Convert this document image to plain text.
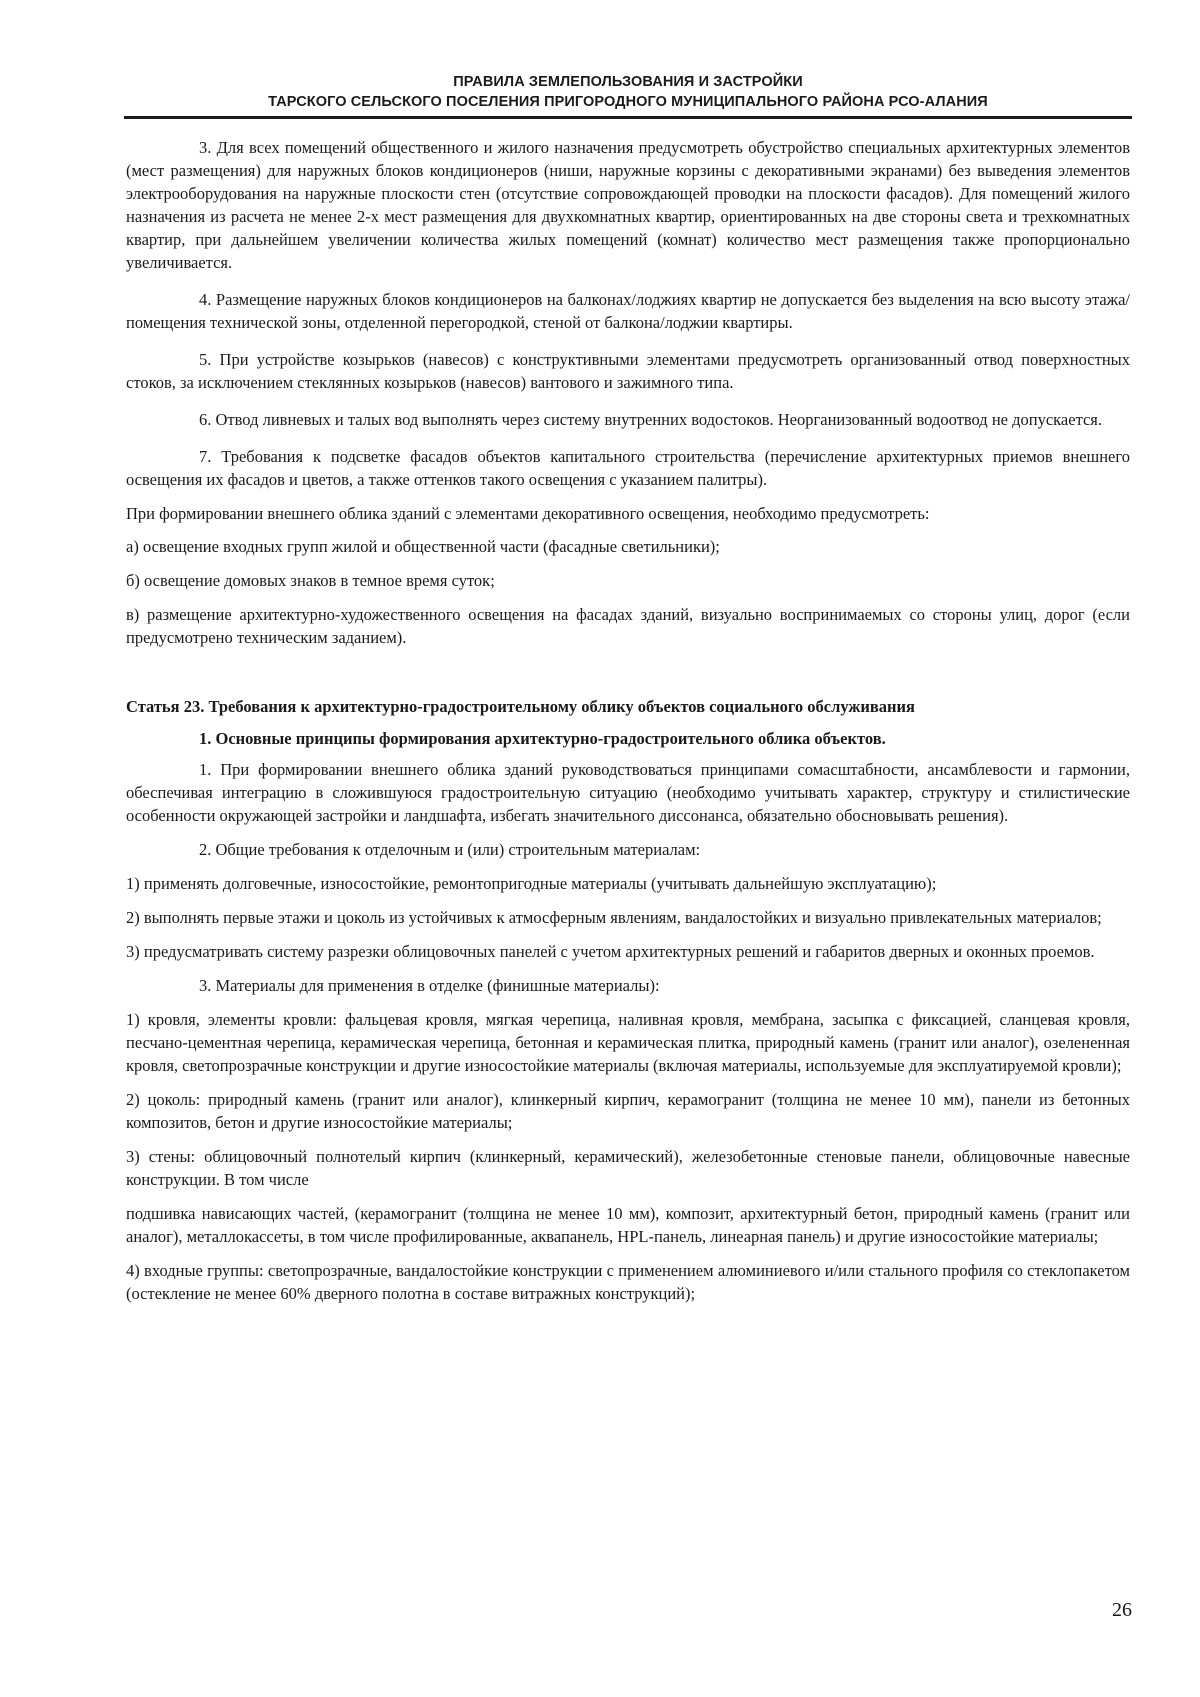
ПРАВИЛА ЗЕМЛЕПОЛЬЗОВАНИЯ И ЗАСТРОЙКИ
ТАРСКОГО СЕЛЬСКОГО ПОСЕЛЕНИЯ ПРИГОРОДНОГО МУНИЦИПАЛЬНОГО РАЙОНА РСО-АЛАНИЯ

3. Для всех помещений общественного и жилого назначения предусмотреть обустройство специальных архитектурных элементов (мест размещения) для наружных блоков кондиционеров (ниши, наружные корзины с декоративными экранами) без выведения элементов электрооборудования на наружные плоскости стен (отсутствие сопровождающей проводки на плоскости фасадов). Для помещений жилого назначения из расчета не менее 2-х мест размещения для двухкомнатных квартир, ориентированных на две стороны света и трехкомнатных квартир, при дальнейшем увеличении количества жилых помещений (комнат) количество мест размещения также пропорционально увеличивается.

4. Размещение наружных блоков кондиционеров на балконах/лоджиях квартир не допускается без выделения на всю высоту этажа/помещения технической зоны, отделенной перегородкой, стеной от балкона/лоджии квартиры.

5. При устройстве козырьков (навесов) с конструктивными элементами предусмотреть организованный отвод поверхностных стоков, за исключением стеклянных козырьков (навесов) вантового и зажимного типа.

6. Отвод ливневых и талых вод выполнять через систему внутренних водостоков. Неорганизованный водоотвод не допускается.

7. Требования к подсветке фасадов объектов капитального строительства (перечисление архитектурных приемов внешнего освещения их фасадов и цветов, а также оттенков такого освещения с указанием палитры).

При формировании внешнего облика зданий с элементами декоративного освещения, необходимо предусмотреть:

а) освещение входных групп жилой и общественной части (фасадные светильники);

б) освещение домовых знаков в темное время суток;

в) размещение архитектурно-художественного освещения на фасадах зданий, визуально воспринимаемых со стороны улиц, дорог (если предусмотрено техническим заданием).

Статья 23. Требования к архитектурно-градостроительному облику объектов социального обслуживания

1. Основные принципы формирования архитектурно-градостроительного облика объектов.

1. При формировании внешнего облика зданий руководствоваться принципами сомасштабности, ансамблевости и гармонии, обеспечивая интеграцию в сложившуюся градостроительную ситуацию (необходимо учитывать характер, структуру и стилистические особенности окружающей застройки и ландшафта, избегать значительного диссонанса, обязательно обосновывать решения).

2. Общие требования к отделочным и (или) строительным материалам:

1) применять долговечные, износостойкие, ремонтопригодные материалы (учитывать дальнейшую эксплуатацию);

2) выполнять первые этажи и цоколь из устойчивых к атмосферным явлениям, вандалостойких и визуально привлекательных материалов;

3) предусматривать систему разрезки облицовочных панелей с учетом архитектурных решений и габаритов дверных и оконных проемов.

3. Материалы для применения в отделке (финишные материалы):

1) кровля, элементы кровли: фальцевая кровля, мягкая черепица, наливная кровля, мембрана, засыпка с фиксацией, сланцевая кровля, песчано-цементная черепица, керамическая черепица, бетонная и керамическая плитка, природный камень (гранит или аналог), озелененная кровля, светопрозрачные конструкции и другие износостойкие материалы (включая материалы, используемые для эксплуатируемой кровли);

2) цоколь: природный камень (гранит или аналог), клинкерный кирпич, керамогранит (толщина не менее 10 мм), панели из бетонных композитов, бетон и другие износостойкие материалы;

3) стены: облицовочный полнотелый кирпич (клинкерный, керамический), железобетонные стеновые панели, облицовочные навесные конструкции. В том числе

подшивка нависающих частей, (керамогранит (толщина не менее 10 мм), композит, архитектурный бетон, природный камень (гранит или аналог), металлокассеты, в том числе профилированные, аквапанель, HPL-панель, линеарная панель) и другие износостойкие материалы;

4) входные группы: светопрозрачные, вандалостойкие конструкции с применением алюминиевого и/или стального профиля со стеклопакетом (остекление не менее 60% дверного полотна в составе витражных конструкций);

26
